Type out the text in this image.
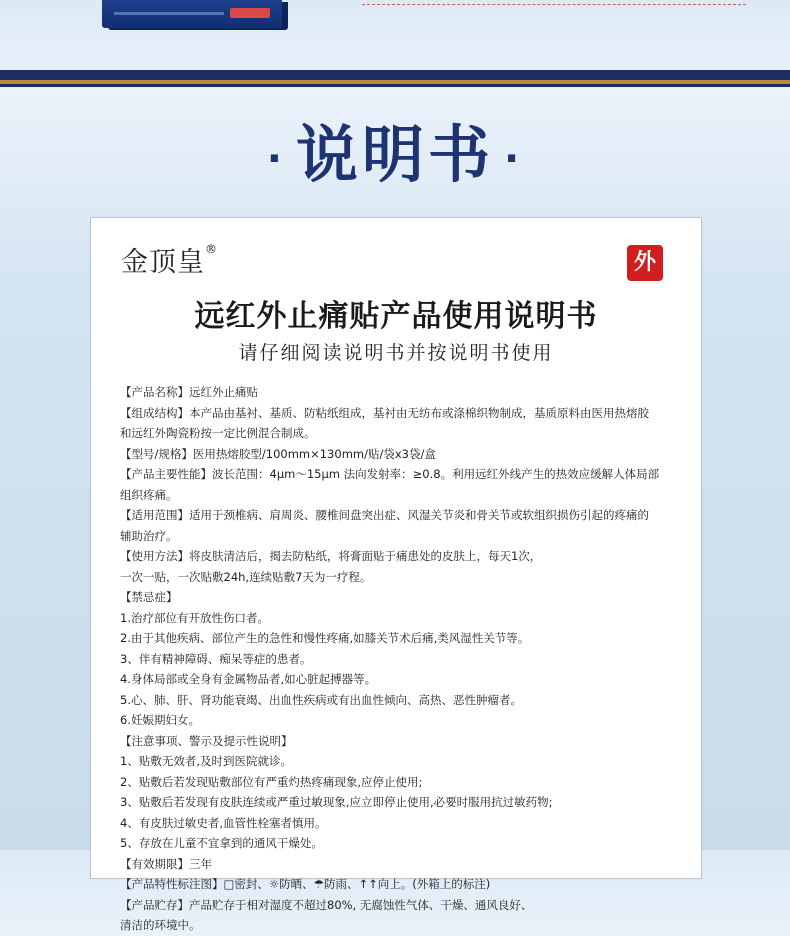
· 说明书 ·
金顶皇®
外
远红外止痛贴产品使用说明书
请仔细阅读说明书并按说明书使用
【产品名称】远红外止痛贴
【组成结构】本产品由基衬、基质、防粘纸组成，基衬由无纺布或涤棉织物制成，基质原料由医用热熔胶
和远红外陶瓷粉按一定比例混合制成。
【型号/规格】医用热熔胶型/100mm×130mm/贴/袋x3袋/盒
【产品主要性能】波长范围：4μm～15μm 法向发射率：≥0.8。利用远红外线产生的热效应缓解人体局部
组织疼痛。
【适用范围】适用于颈椎病、肩周炎、腰椎间盘突出症、风湿关节炎和骨关节或软组织损伤引起的疼痛的
辅助治疗。
【使用方法】将皮肤清洁后，揭去防粘纸，将膏面贴于痛患处的皮肤上，每天1次，
一次一贴，一次贴敷24h,连续贴敷7天为一疗程。
【禁忌症】
1.治疗部位有开放性伤口者。
2.由于其他疾病、部位产生的急性和慢性疼痛,如膝关节术后痛,类风湿性关节等。
3、伴有精神障碍、痴呆等症的患者。
4.身体局部或全身有金属物品者,如心脏起搏器等。
5.心、肺、肝、肾功能衰竭、出血性疾病或有出血性倾向、高热、恶性肿瘤者。
6.妊娠期妇女。
【注意事项、警示及提示性说明】
1、贴敷无效者,及时到医院就诊。
2、贴敷后若发现贴敷部位有严重灼热疼痛现象,应停止使用;
3、贴敷后若发现有皮肤连续或严重过敏现象,应立即停止使用,必要时服用抗过敏药物;
4、有皮肤过敏史者,血管性栓塞者慎用。
5、存放在儿童不宜拿到的通风干燥处。
【有效期限】三年
【产品特性标注图】□密封、☼防晒、☂防雨、↑↑向上。(外箱上的标注)
【产品贮存】产品贮存于相对湿度不超过80%, 无腐蚀性气体、干燥、通风良好、
清洁的环境中。
